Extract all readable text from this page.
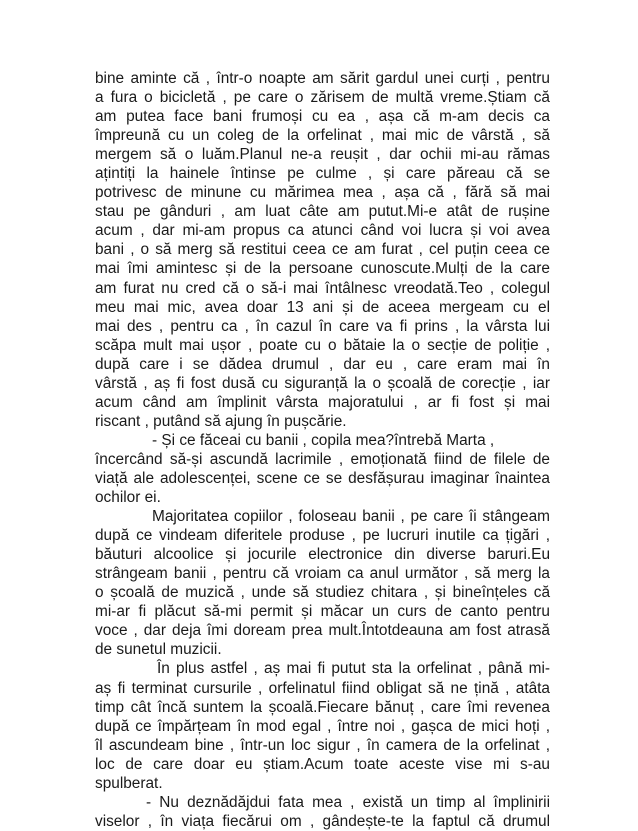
bine aminte că , într-o noapte am sărit gardul unei curți , pentru
a fura o bicicletă , pe care o zărisem de multă vreme.Știam că
am putea face bani frumoși cu ea , așa că m-am decis ca
împreună cu un coleg de la orfelinat , mai mic de vârstă , să
mergem să o luăm.Planul ne-a reușit , dar ochii mi-au rămas
ațintiți la hainele întinse pe culme , și care păreau că se
potrivesc de minune cu mărimea mea , așa că , fără să mai
stau pe gânduri , am luat câte am putut.Mi-e atât de rușine
acum , dar mi-am propus ca atunci când voi lucra și voi avea
bani , o să merg să restitui ceea ce am furat , cel puțin ceea ce
mai îmi amintesc și de la persoane cunoscute.Mulți de la care
am furat nu cred că o să-i mai întâlnesc vreodată.Teo , colegul
meu mai mic, avea doar 13 ani și de aceea mergeam cu el
mai des , pentru ca , în cazul în care va fi prins , la vârsta lui
scăpa mult mai ușor , poate cu o bătaie la o secție de poliție ,
după care i se dădea drumul , dar eu , care eram mai în
vârstă , aș fi fost dusă cu siguranță la o școală de corecție , iar
acum când am împlinit vârsta majoratului , ar fi fost și mai
riscant , putând să ajung în pușcărie.
- Și ce făceai cu banii , copila mea?întrebă Marta ,
încercând să-și ascundă lacrimile , emoționată fiind de filele de
viață ale adolescenței, scene ce se desfășurau imaginar înaintea
ochilor ei.
Majoritatea copiilor , foloseau banii , pe care îi stângeam
după ce vindeam diferitele produse , pe lucruri inutile ca țigări ,
băuturi alcoolice și jocurile electronice din diverse baruri.Eu
strângeam banii , pentru că vroiam ca anul următor , să merg la
o școală de muzică , unde să studiez chitara , și bineînțeles că
mi-ar fi plăcut să-mi permit și măcar un curs de canto pentru
voce , dar deja îmi doream prea mult.Întotdeauna am fost atrasă
de sunetul muzicii.
În plus astfel , aș mai fi putut sta la orfelinat , până mi-
aș fi terminat cursurile , orfelinatul fiind obligat să ne țină , atâta
timp cât încă suntem la școală.Fiecare bănuț , care îmi revenea
după ce împărțeam în mod egal , între noi , gașca de mici hoți ,
îl ascundeam bine , într-un loc sigur , în camera de la orfelinat ,
loc de care doar eu știam.Acum toate aceste vise mi s-au
spulberat.
- Nu deznădăjdui fata mea , există un timp al împlinirii
viselor , în viața fiecărui om , gândește-te la faptul că drumul
